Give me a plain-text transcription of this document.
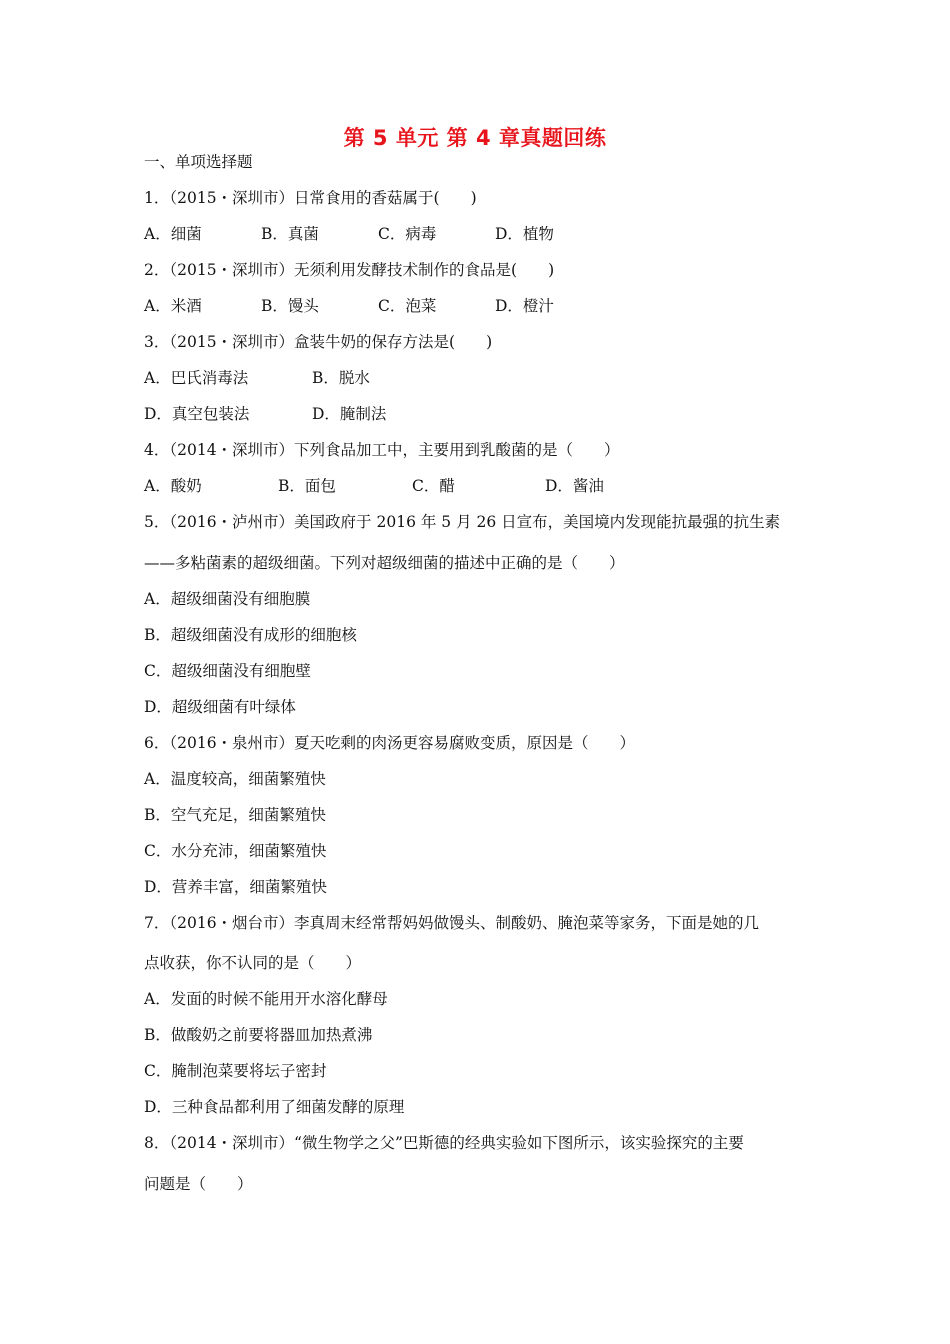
第 5 单元 第 4 章真题回练
一、单项选择题
1．（2015・深圳市）日常食用的香菇属于(　　)
A．细菌	B．真菌	C．病毒	D．植物
2．（2015・深圳市）无须利用发酵技术制作的食品是(　　)
A．米酒	B．馒头	C．泡菜	D．橙汁
3．（2015・深圳市）盒装牛奶的保存方法是(　　)
A．巴氏消毒法	B．脱水
D．真空包装法	D．腌制法
4．（2014・深圳市）下列食品加工中，主要用到乳酸菌的是（　　）
A．酸奶	B．面包	C．醋	D．酱油
5．（2016・泸州市）美国政府于 2016 年 5 月 26 日宣布，美国境内发现能抗最强的抗生素
——多粘菌素的超级细菌。下列对超级细菌的描述中正确的是（　　）
A．超级细菌没有细胞膜
B．超级细菌没有成形的细胞核
C．超级细菌没有细胞壁
D．超级细菌有叶绿体
6．（2016・泉州市）夏天吃剩的肉汤更容易腐败变质，原因是（　　）
A．温度较高，细菌繁殖快
B．空气充足，细菌繁殖快
C．水分充沛，细菌繁殖快
D．营养丰富，细菌繁殖快
7．（2016・烟台市）李真周末经常帮妈妈做馒头、制酸奶、腌泡菜等家务，下面是她的几
点收获，你不认同的是（　　）
A．发面的时候不能用开水溶化酵母
B．做酸奶之前要将器皿加热煮沸
C．腌制泡菜要将坛子密封
D．三种食品都利用了细菌发酵的原理
8．（2014・深圳市）“微生物学之父”巴斯德的经典实验如下图所示，该实验探究的主要
问题是（　　）
